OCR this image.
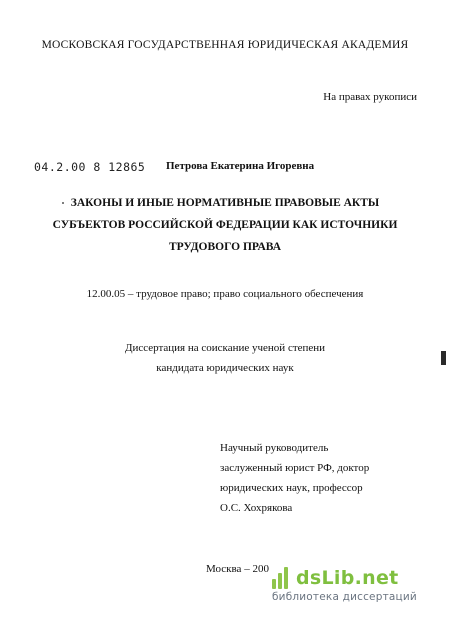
МОСКОВСКАЯ ГОСУДАРСТВЕННАЯ ЮРИДИЧЕСКАЯ АКАДЕМИЯ
На правах рукописи
04.2.00 8 12865 Петрова Екатерина Игоревна
ЗАКОНЫ И ИНЫЕ НОРМАТИВНЫЕ ПРАВОВЫЕ АКТЫ
СУБЪЕКТОВ РОССИЙСКОЙ ФЕДЕРАЦИИ КАК ИСТОЧНИКИ
ТРУДОВОГО ПРАВА
12.00.05 – трудовое право; право социального обеспечения
Диссертация на соискание ученой степени
кандидата юридических наук
Научный руководитель
заслуженный юрист РФ, доктор
юридических наук, профессор
О.С. Хохрякова
Москва – 200 dsLib.net
библиотека диссертаций
